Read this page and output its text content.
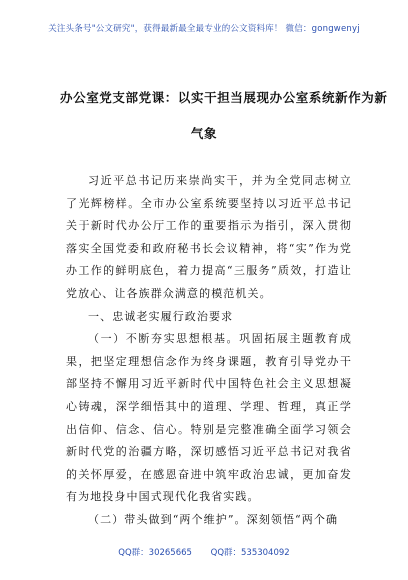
关注头条号"公文研究"，获得最新最全最专业的公文资料库！ 微信：gongwenyj
办公室党支部党课：以实干担当展现办公室系统新作为新
气象

习近平总书记历来崇尚实干，并为全党同志树立了光辉榜样。全市办公室系统要坚持以习近平总书记关于新时代办公厅工作的重要指示为指引，深入贯彻落实全国党委和政府秘书长会议精神，将“实”作为党办工作的鲜明底色，着力提高“三服务”质效，打造让党放心、让各族群众满意的模范机关。

一、忠诚老实履行政治要求

（一）不断夯实思想根基。巩固拓展主题教育成果，把坚定理想信念作为终身课题，教育引导党办干部坚持不懈用习近平新时代中国特色社会主义思想凝心铸魂，深学细悟其中的道理、学理、哲理，真正学出信仰、信念、信心。特别是完整准确全面学习领会新时代党的治疆方略，深切感悟习近平总书记对我省的关怀厚爱，在感恩奋进中筑牢政治忠诚，更加奋发有为地投身中国式现代化我省实践。

（二）带头做到“两个维护”。深刻领悟“两个确

QQ群：30265665 QQ群：535304092
